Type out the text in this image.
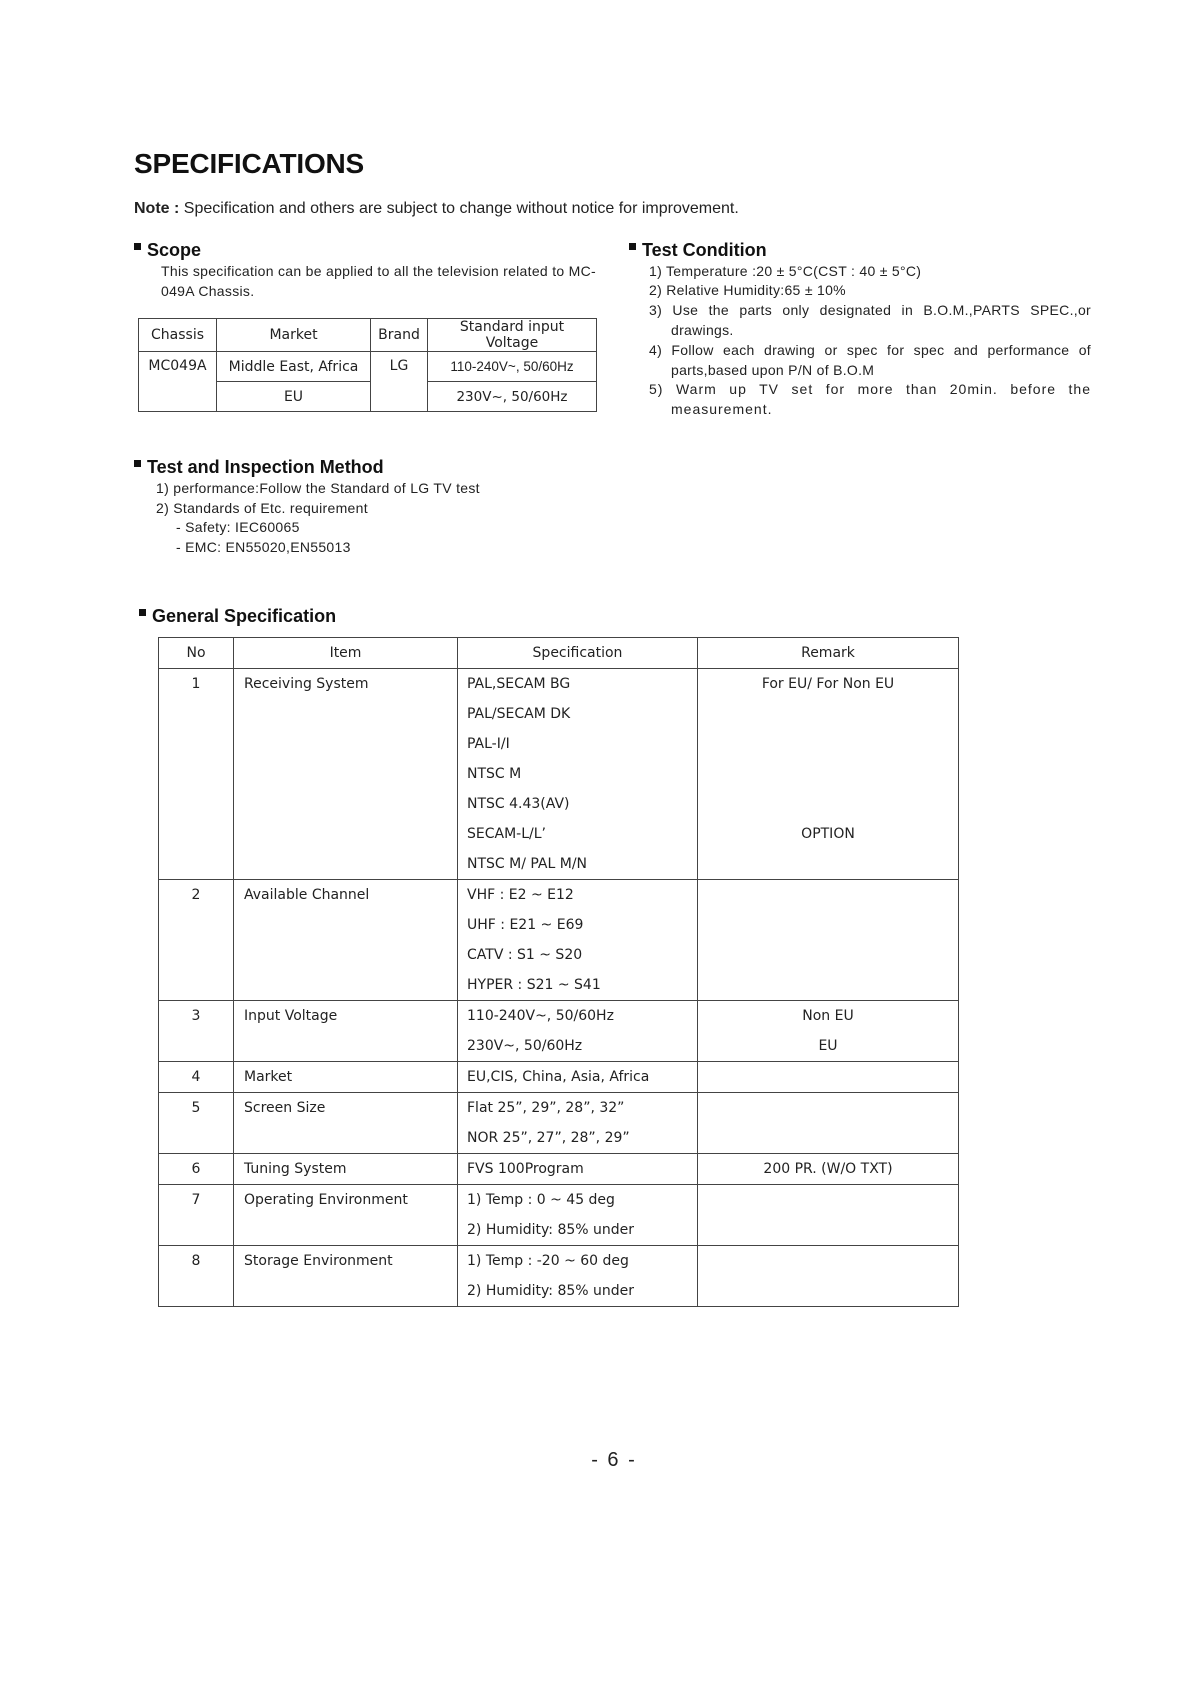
SPECIFICATIONS
Note : Specification and others are subject to change without notice for improvement.
Scope
This specification can be applied to all the television related to MC-049A Chassis.
Chassis	Market	Brand	Standard input Voltage
MC049A	Middle East, Africa	LG	110-240V~, 50/60Hz
	EU		230V~, 50/60Hz
Test Condition
1) Temperature :20 ± 5°C(CST : 40 ± 5°C)
2) Relative Humidity:65 ± 10%
3) Use the parts only designated in B.O.M.,PARTS SPEC.,or drawings.
4) Follow each drawing or spec for spec and performance of parts,based upon P/N of B.O.M
5) Warm up TV set for more than 20min. before the measurement.
Test and Inspection Method
1) performance:Follow the Standard of LG TV test
2) Standards of Etc. requirement
- Safety: IEC60065
- EMC: EN55020,EN55013
General Specification
No	Item	Specification	Remark
1	Receiving System	PAL,SECAM BG	For EU/ For Non EU
		PAL/SECAM DK	
		PAL-I/I	
		NTSC M	
		NTSC 4.43(AV)	
		SECAM-L/L’	OPTION
		NTSC M/ PAL M/N	
2	Available Channel	VHF : E2 ~ E12	
		UHF : E21 ~ E69	
		CATV : S1 ~ S20	
		HYPER : S21 ~ S41	
3	Input Voltage	110-240V~, 50/60Hz	Non EU
		230V~, 50/60Hz	EU
4	Market	EU,CIS, China, Asia, Africa	
5	Screen Size	Flat 25”, 29”, 28”, 32”	
		NOR 25”, 27”, 28”, 29”	
6	Tuning System	FVS 100Program	200 PR. (W/O TXT)
7	Operating Environment	1) Temp : 0 ~ 45 deg	
		2) Humidity: 85% under	
8	Storage Environment	1) Temp : -20 ~ 60 deg	
		2) Humidity: 85% under	
- 6 -
